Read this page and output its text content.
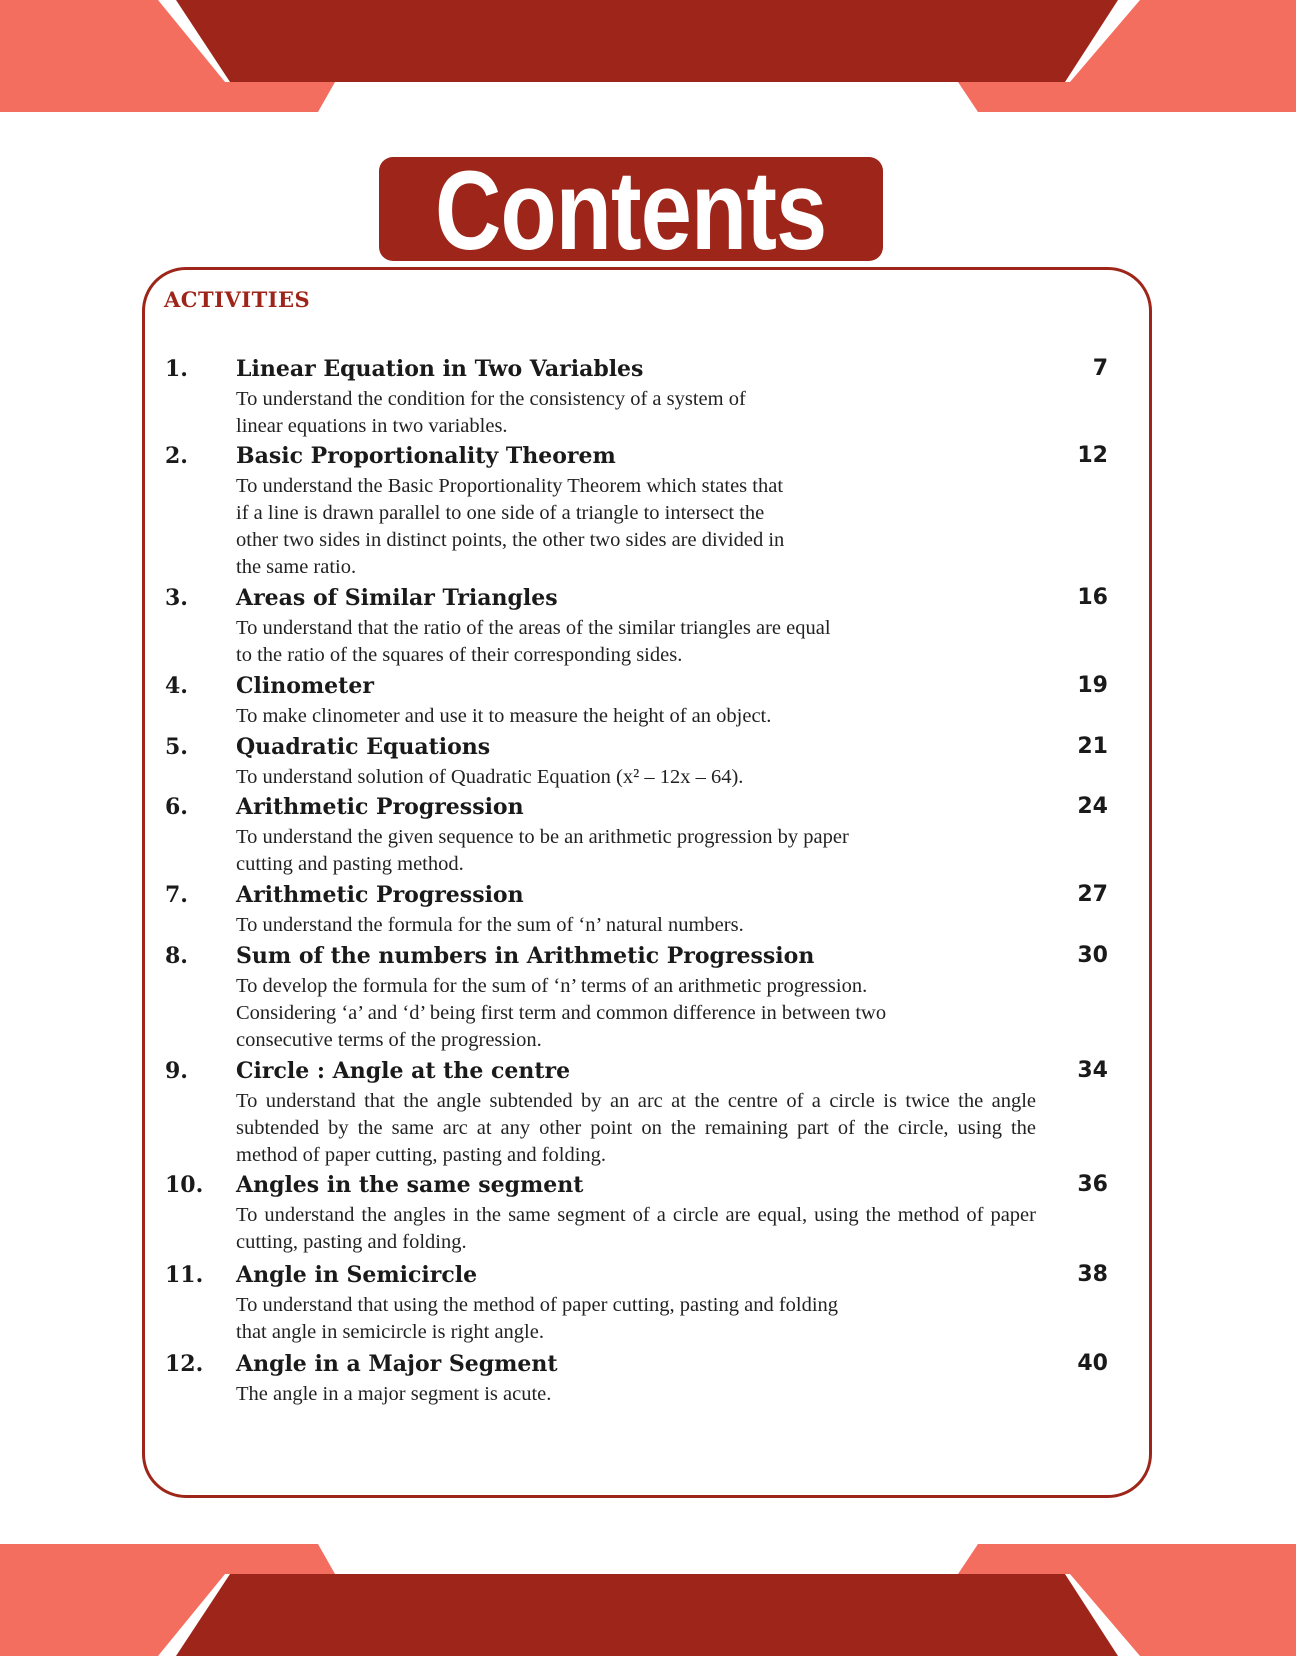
Contents
ACTIVITIES
1. Linear Equation in Two Variables	7
To understand the condition for the consistency of a system of
linear equations in two variables.
2. Basic Proportionality Theorem	12
To understand the Basic Proportionality Theorem which states that
if a line is drawn parallel to one side of a triangle to intersect the
other two sides in distinct points, the other two sides are divided in
the same ratio.
3. Areas of Similar Triangles	16
To understand that the ratio of the areas of the similar triangles are equal
to the ratio of the squares of their corresponding sides.
4. Clinometer	19
To make clinometer and use it to measure the height of an object.
5. Quadratic Equations	21
To understand solution of Quadratic Equation (x² – 12x – 64).
6. Arithmetic Progression	24
To understand the given sequence to be an arithmetic progression by paper
cutting and pasting method.
7. Arithmetic Progression	27
To understand the formula for the sum of ‘n’ natural numbers.
8. Sum of the numbers in Arithmetic Progression	30
To develop the formula for the sum of ‘n’ terms of an arithmetic progression.
Considering ‘a’ and ‘d’ being first term and common difference in between two
consecutive terms of the progression.
9. Circle : Angle at the centre	34
To understand that the angle subtended by an arc at the centre of a circle is twice the angle subtended by the same arc at any other point on the remaining part of the circle, using the method of paper cutting, pasting and folding.
10. Angles in the same segment	36
To understand the angles in the same segment of a circle are equal, using the method of paper cutting, pasting and folding.
11. Angle in Semicircle	38
To understand that using the method of paper cutting, pasting and folding
that angle in semicircle is right angle.
12. Angle in a Major Segment	40
The angle in a major segment is acute.
